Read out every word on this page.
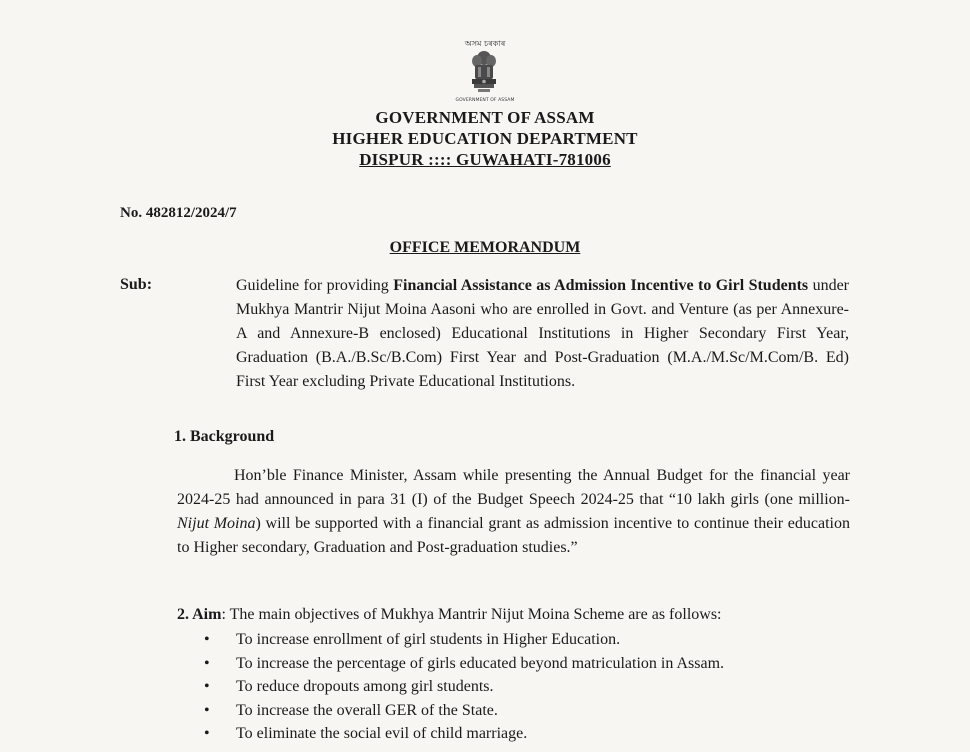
অসম চৰকাৰ
GOVERNMENT OF ASSAM
GOVERNMENT OF ASSAM
HIGHER EDUCATION DEPARTMENT
DISPUR :::: GUWAHATI-781006
No. 482812/2024/7
OFFICE MEMORANDUM
Sub:	Guideline for providing Financial Assistance as Admission Incentive to Girl Students under Mukhya Mantrir Nijut Moina Aasoni who are enrolled in Govt. and Venture (as per Annexure-A and Annexure-B enclosed) Educational Institutions in Higher Secondary First Year, Graduation (B.A./B.Sc/B.Com) First Year and Post-Graduation (M.A./M.Sc/M.Com/B. Ed) First Year excluding Private Educational Institutions.
1. Background
Hon’ble Finance Minister, Assam while presenting the Annual Budget for the financial year 2024-25 had announced in para 31 (I) of the Budget Speech 2024-25 that “10 lakh girls (one million- Nijut Moina) will be supported with a financial grant as admission incentive to continue their education to Higher secondary, Graduation and Post-graduation studies.”
2. Aim: The main objectives of Mukhya Mantrir Nijut Moina Scheme are as follows:
• To increase enrollment of girl students in Higher Education.
• To increase the percentage of girls educated beyond matriculation in Assam.
• To reduce dropouts among girl students.
• To increase the overall GER of the State.
• To eliminate the social evil of child marriage.
